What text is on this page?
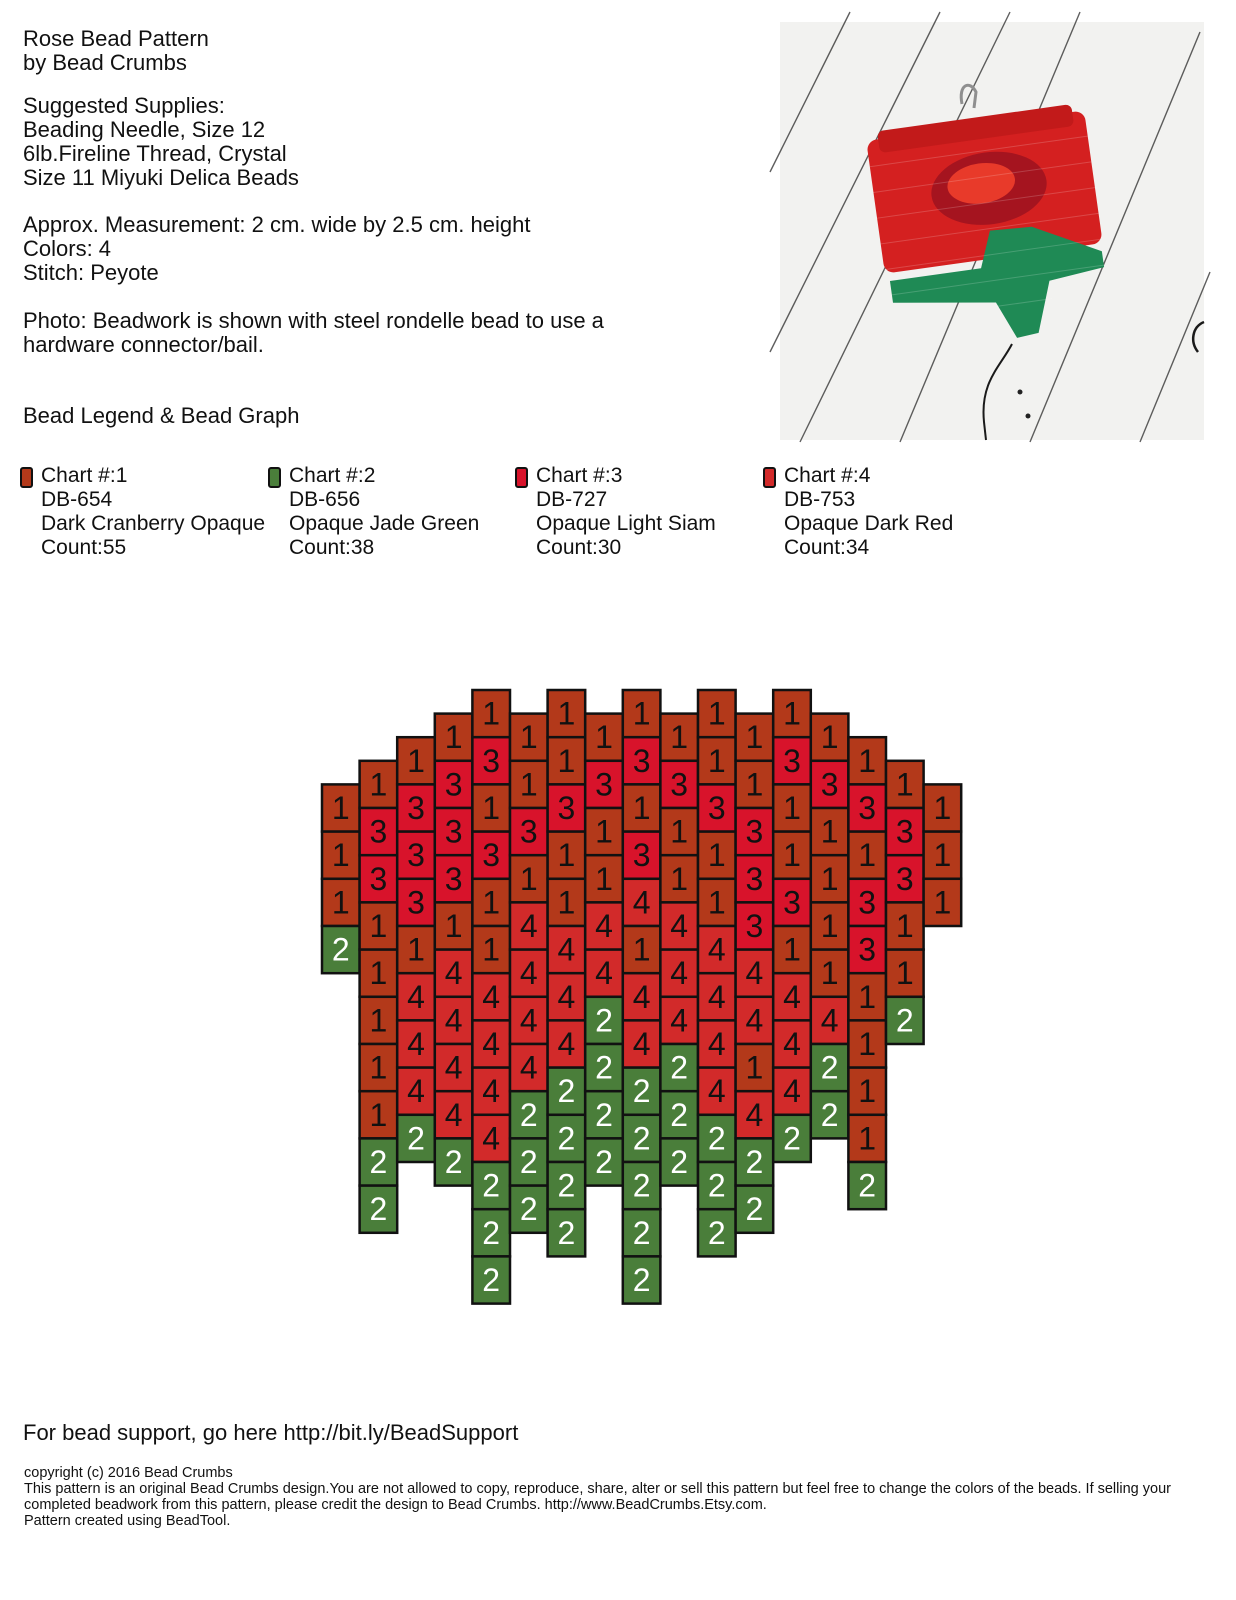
Rose Bead Pattern
by Bead Crumbs
Suggested Supplies:
Beading Needle, Size 12
6lb.Fireline Thread, Crystal
Size 11 Miyuki Delica Beads
Approx. Measurement: 2 cm. wide by 2.5 cm. height
Colors: 4
Stitch: Peyote
Photo: Beadwork is shown with steel rondelle bead to use a
hardware connector/bail.
Bead Legend & Bead Graph
Chart #:1
DB-654
Dark Cranberry Opaque
Count:55
Chart #:2
DB-656
Opaque Jade Green
Count:38
Chart #:3
DB-727
Opaque Light Siam
Count:30
Chart #:4
DB-753
Opaque Dark Red
Count:34
1
1
1
2
1
3
3
1
1
1
1
1
2
2
1
3
3
3
1
4
4
4
2
1
3
3
3
1
4
4
4
4
2
1
3
1
3
1
1
4
4
4
4
2
2
2
1
1
3
1
4
4
4
4
2
2
2
1
1
3
1
1
4
4
4
2
2
2
2
1
3
1
1
4
4
2
2
2
2
1
3
1
3
4
1
4
4
2
2
2
2
2
1
3
1
1
4
4
4
2
2
2
1
1
3
1
1
4
4
4
4
2
2
2
1
1
3
3
3
4
4
1
4
2
2
1
3
1
1
3
1
4
4
4
2
1
3
1
1
1
1
4
2
2
1
3
1
3
3
1
1
1
1
2
1
3
3
1
1
2
1
1
1
For bead support, go here http://bit.ly/BeadSupport
copyright (c) 2016 Bead Crumbs
This pattern is an original Bead Crumbs design.You are not allowed to copy, reproduce, share, alter or sell this pattern but feel free to change the colors of the beads. If selling your completed beadwork from this pattern, please credit the design to Bead Crumbs. http://www.BeadCrumbs.Etsy.com.
Pattern created using BeadTool.
